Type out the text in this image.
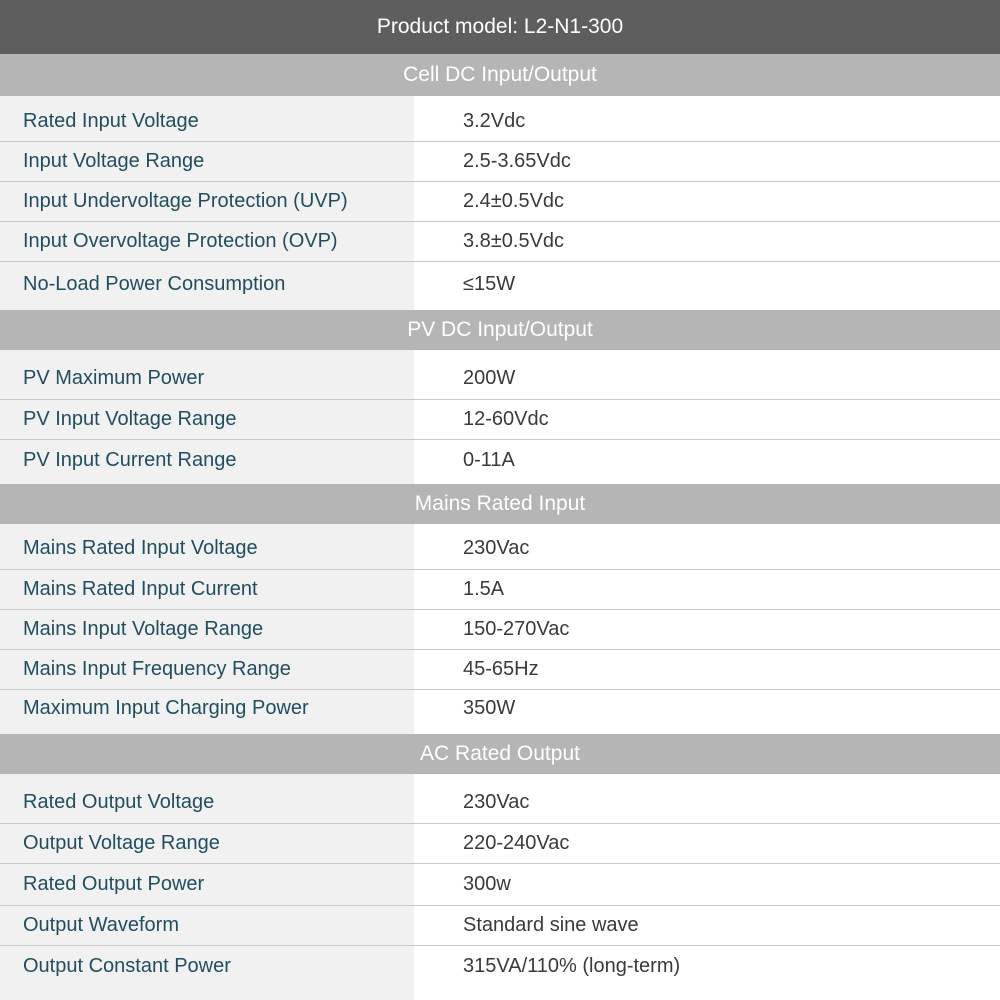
Product model: L2-N1-300
Cell DC Input/Output
Rated Input Voltage	3.2Vdc
Input Voltage Range	2.5-3.65Vdc
Input Undervoltage Protection (UVP)	2.4±0.5Vdc
Input Overvoltage Protection (OVP)	3.8±0.5Vdc
No-Load Power Consumption	≤15W
PV DC Input/Output
PV Maximum Power	200W
PV Input Voltage Range	12-60Vdc
PV Input Current Range	0-11A
Mains Rated Input
Mains Rated Input Voltage	230Vac
Mains Rated Input Current	1.5A
Mains Input Voltage Range	150-270Vac
Mains Input Frequency Range	45-65Hz
Maximum Input Charging Power	350W
AC Rated Output
Rated Output Voltage	230Vac
Output Voltage Range	220-240Vac
Rated Output Power	300w
Output Waveform	Standard sine wave
Output Constant Power	315VA/110% (long-term)
